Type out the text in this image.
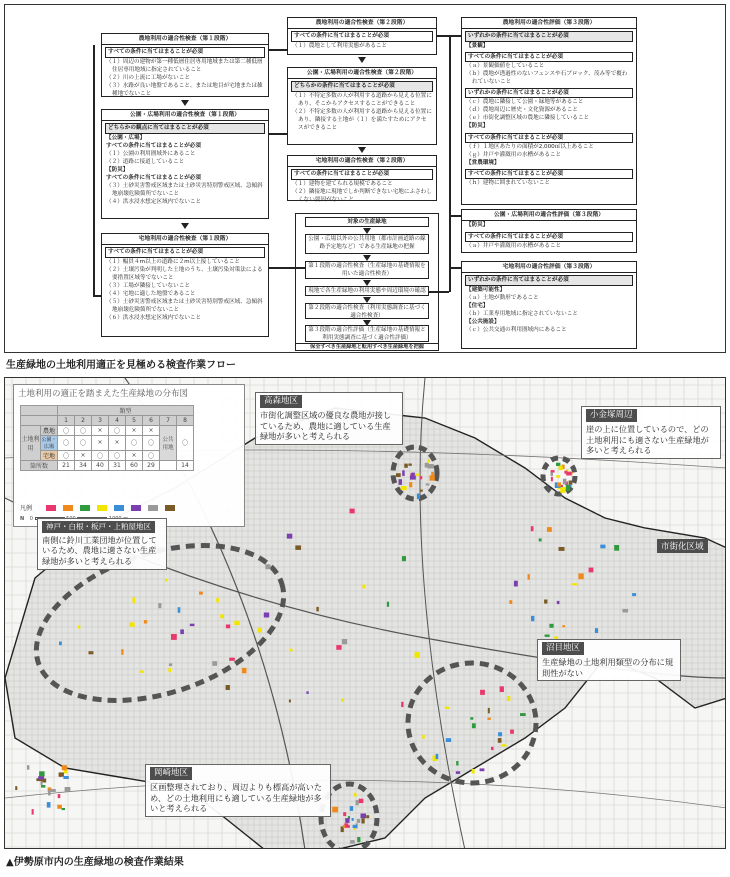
農地利用の適合性検査（第１段階）
すべての条件に当てはまることが必須
（１）周辺の建物が第一種低層住居専用地域または第二種低層住居専用地域に指定されていること
（２）川の上流に工場がないこと
（３）水路が良い地盤であること、または地目が宅地または雑種地でないこと
公園・広場利用の適合性検査（第１段階）
どちらかの観点に当てはまることが必須
【公園・広場】
すべての条件に当てはまることが必須
（１）公園の利用圏域外にあること
（２）道路に接道していること
【防災】
すべての条件に当てはまることが必須
（３）土砂災害警戒区域または土砂災害特別警戒区域、急傾斜地崩壊危険箇所でないこと
（４）洪水浸水想定区域内でないこと
宅地利用の適合性検査（第１段階）
すべての条件に当てはまることが必須
（１）幅員４m以上の道路に２m以上接していること
（２）土壌汚染が判明した土地のうち、土壌汚染対策法による要措置区域等でないこと
（３）工場が隣接していないこと
（４）宅地に適した地盤であること
（５）土砂災害警戒区域または土砂災害特別警戒区域、急傾斜地崩壊危険箇所でないこと
（６）洪水浸水想定区域内でないこと
農地利用の適合性検査（第２段階）
すべての条件に当てはまることが必須
（１）農地として利用実態があること
公園・広場利用の適合性検査（第２段階）
どちらかの条件に当てはまることが必須
（１）不特定多数の人が利用する道路から見える位置にあり、そこからアクセスすることができること
（２）不特定多数の人が利用する道路から見える位置にあり、隣接する土地が（１）を満たすためにアクセスができること
宅地利用の適合性検査（第２段階）
すべての条件に当てはまることが必須
（１）建物を建てられる規模であること
（２）隣接地に現地でしか判断できない宅地にふさわしくない要因がないこと
対象の生産緑地
公園・広場以外の公共用地（都市計画道路の線路予定地など）である生産緑地の把握
第１段階の適合性検査（生産緑地の基礎情報を用いた適合性検査）
現地で各生産緑地の利用実態や周辺環境の確認
第２段階の適合性検査（利用実態調査に基づく適合性検査）
第３段階の適合性評価（生産緑地の基礎情報と利用実態調査に基づく適合性評価）
保全すべき生産緑地と転用すべき生産緑地を把握
農地利用の適合性評価（第３段階）
いずれかの条件に当てはまることが必須
【景観】
すべての条件に当てはまることが必須
（ａ）景観価値をしていること
（ｂ）農地が透過性のないフェンスや石ブロック、茂み等で覆われていないこと
いずれかの条件に当てはまることが必須
（ｃ）農地に隣接して公園・緑地等があること
（ｄ）農地周辺に歴史・文化資源があること
（ｅ）市街化調整区域の農地に隣接していること
【防災】
すべての条件に当てはまることが必須
（ｆ）１地区あたりの面積が2,000㎡以上あること
（ｇ）井戸や灌漑用の水槽があること
【営農環境】
すべての条件に当てはまることが必須
（ｈ）建物に囲まれていないこと
公園・広場利用の適合性評価（第３段階）
【防災】
すべての条件に当てはまることが必須
（ａ）井戸や灌漑用の水槽があること
宅地利用の適合性評価（第３段階）
いずれかの条件に当てはまることが必須
【建築可能性】
（ａ）土地が動形であること
【住宅】
（ｂ）工業専用地域に指定されていないこと
【公共施設】
（ｃ）公共交通の利用圏域内にあること
生産緑地の土地利用適正を見極める検査作業フロー
土地利用の適正を踏まえた生産緑地の分布図
		類型							
		1	2	3	4	5	6	7	8
土地利用	農地	〇	〇	×	〇	×	×	公共用地	〇
	公園・広場	〇	〇	×	×	〇	〇		
	宅地	〇	×	〇	〇	×	〇		
箇所数		21	34	40	31	60	29		14
凡例
N 0
高森地区
市街化調整区域の優良な農地が接しているため、農地に適している生産緑地が多いと考えられる
小金塚周辺
崖の上に位置しているので、どの土地利用にも適さない生産緑地が多いと考えられる
神戸・白根・板戸・上粕屋地区
南側に鈴川工業団地が位置しているため、農地に適さない生産緑地が多いと考えられる
市街化区域
沼目地区
生産緑地の土地利用類型の分布に規則性がない
岡崎地区
区画整理されており、周辺よりも標高が高いため、どの土地利用にも適している生産緑地が多いと考えられる
▲伊勢原市内の生産緑地の検査作業結果
